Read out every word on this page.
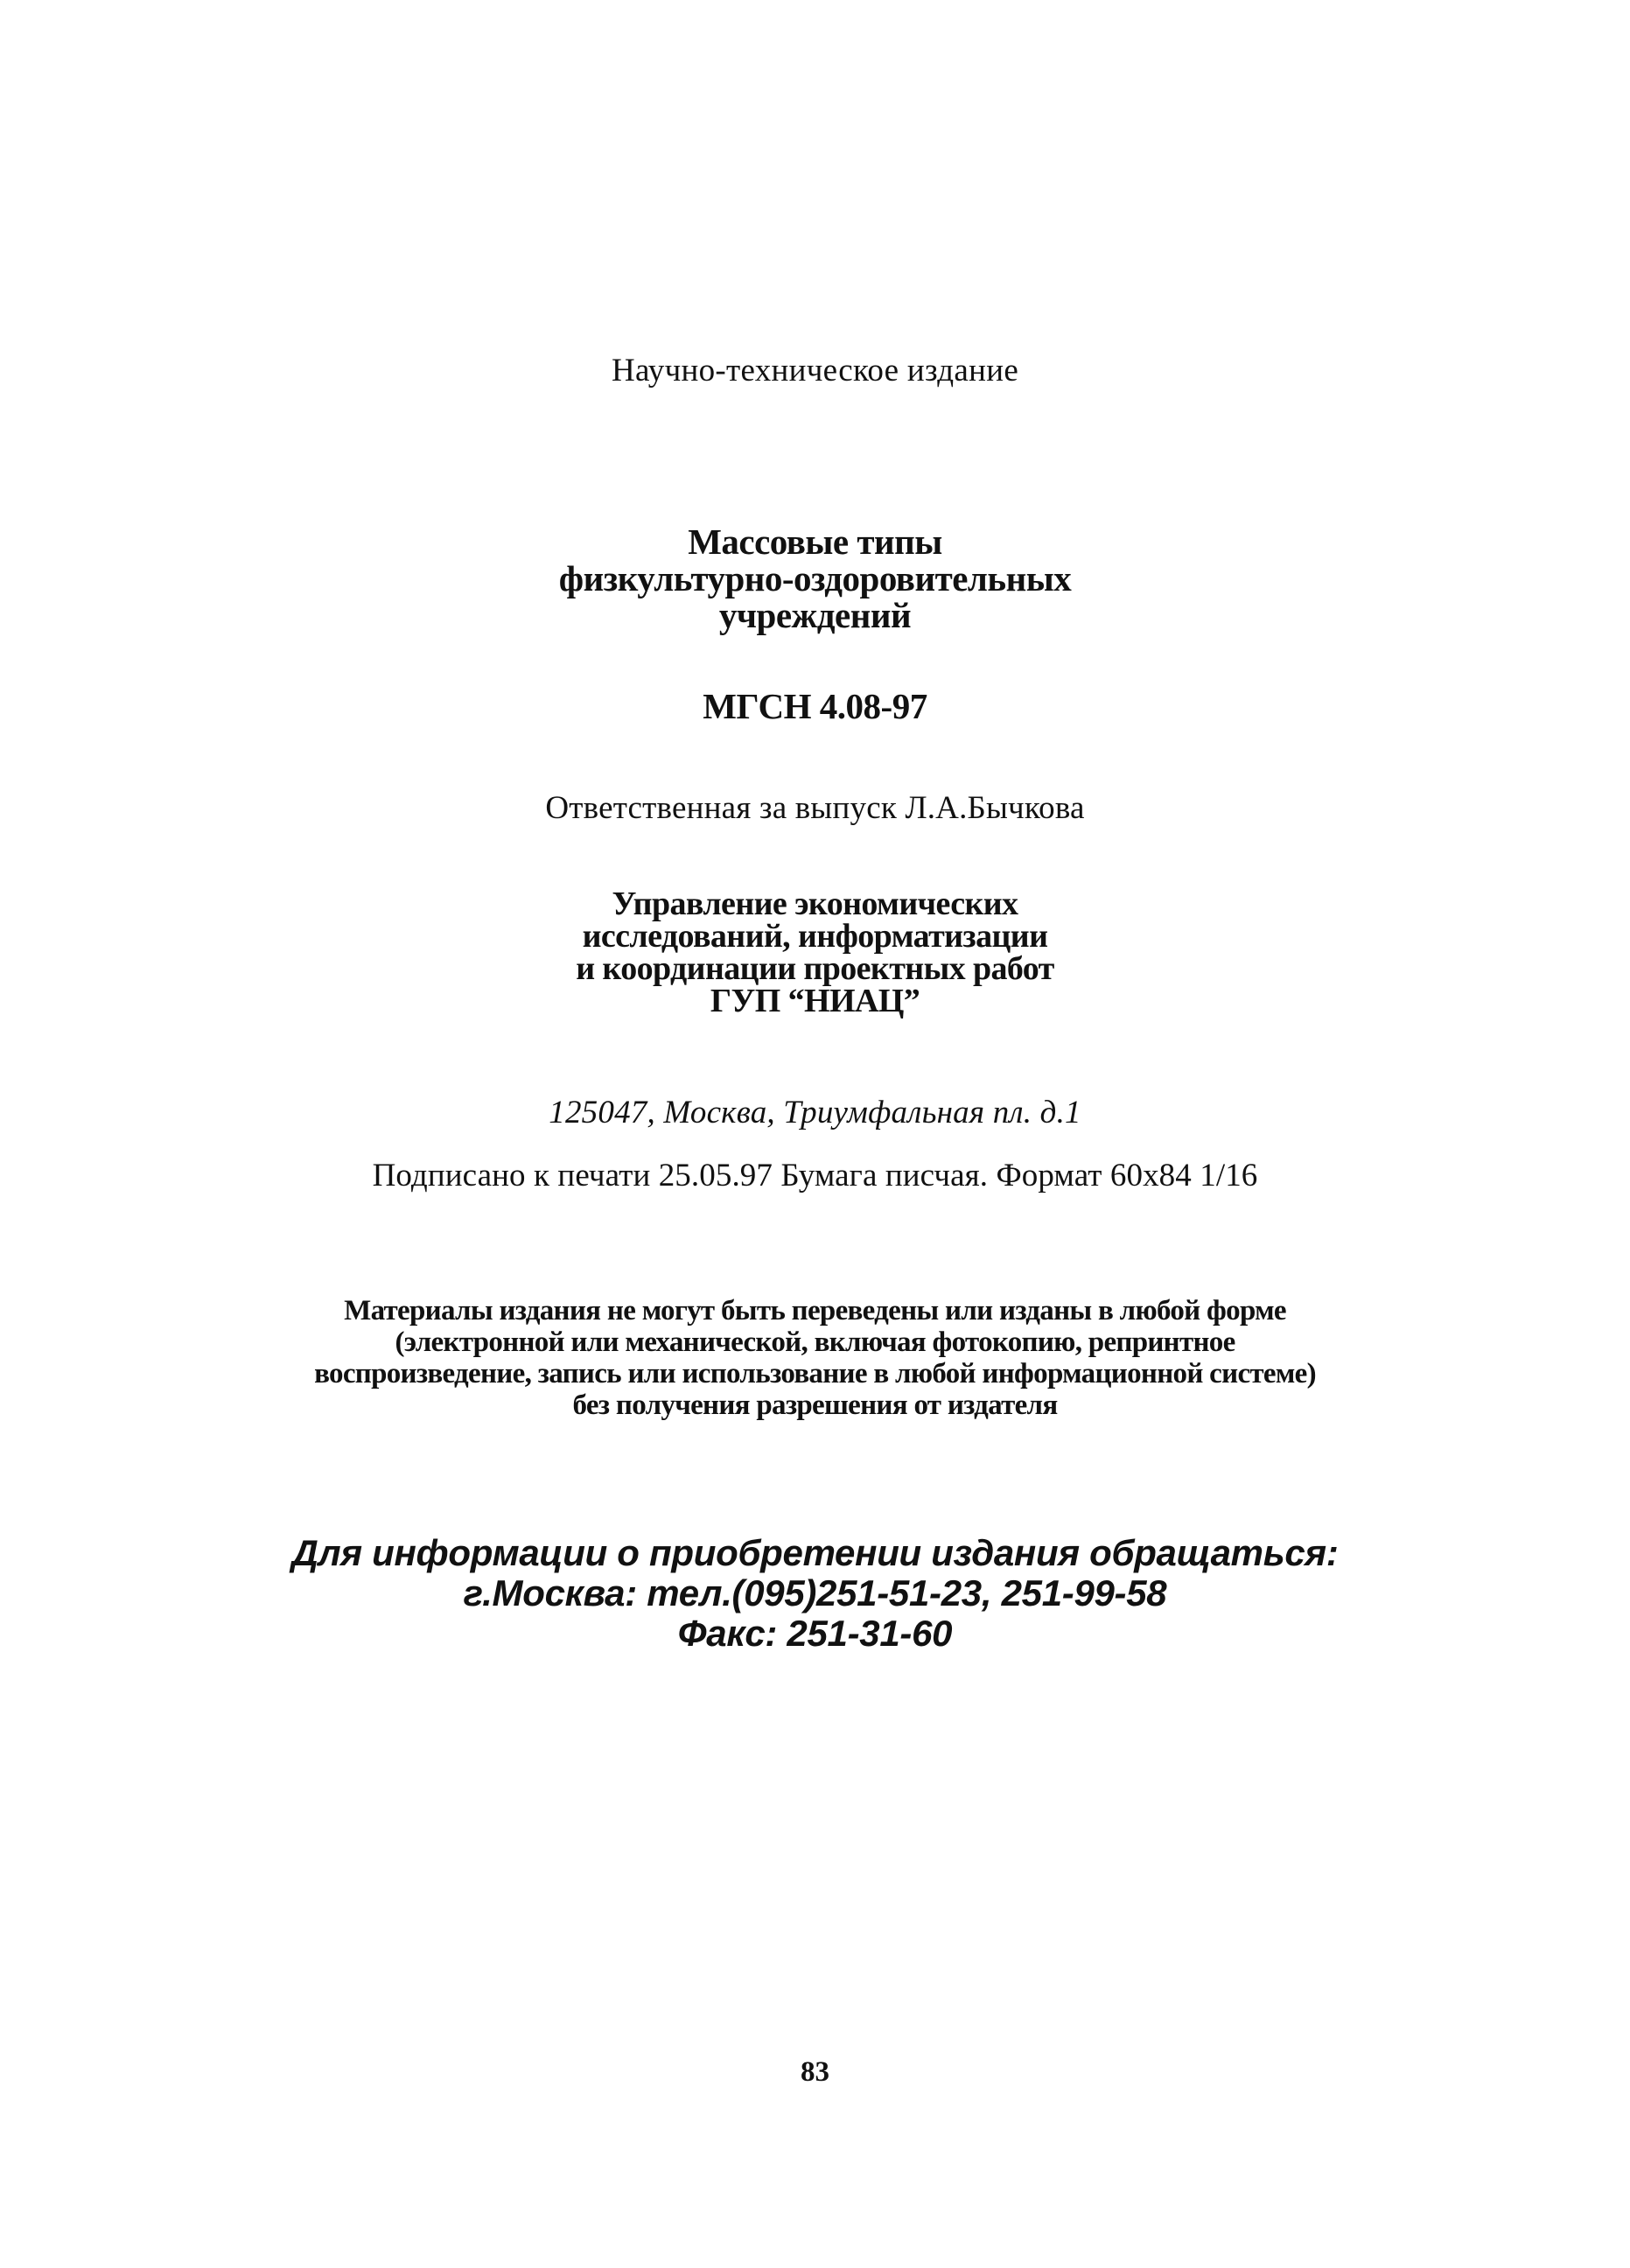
Научно-техническое издание
Массовые типы
физкультурно-оздоровительных
учреждений
МГСН 4.08-97
Ответственная за выпуск Л.А.Бычкова
Управление экономических
исследований, информатизации
и координации проектных работ
ГУП “НИАЦ”
125047, Москва, Триумфальная пл. д.1
Подписано к печати 25.05.97 Бумага писчая. Формат 60x84 1/16
Материалы издания не могут быть переведены или изданы в любой форме
(электронной или механической, включая фотокопию, репринтное
воспроизведение, запись или использование в любой информационной системе)
без получения разрешения от издателя
Для информации о приобретении издания обращаться:
г.Москва: тел.(095)251-51-23, 251-99-58
Факс: 251-31-60
83
